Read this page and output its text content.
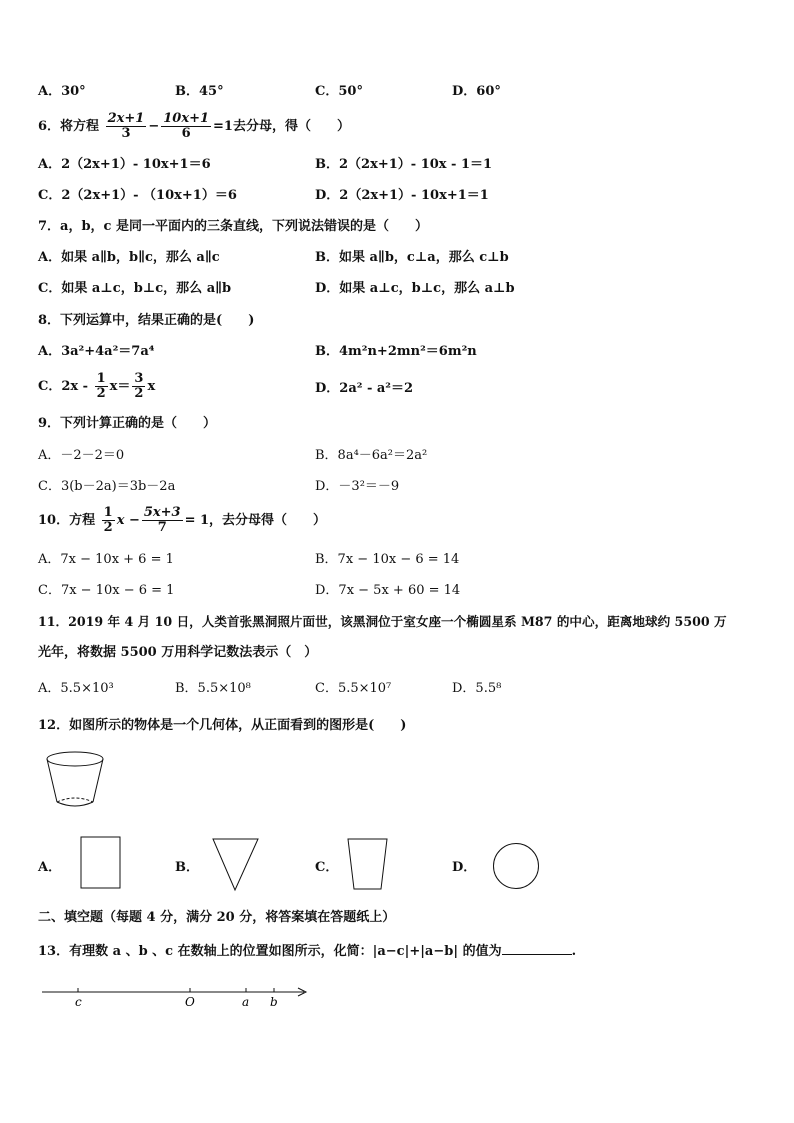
A．30°	B．45°	C．50°	D．60°
6．将方程 $\frac{2x+1}{3} - \frac{10x+1}{6} =1$去分母，得（　　）
A．2（2x+1）- 10x+1＝6	B．2（2x+1）- 10x - 1＝1
C．2（2x+1）- （10x+1）＝6	D．2（2x+1）- 10x+1＝1
7．a，b，c 是同一平面内的三条直线，下列说法错误的是（　　）
A．如果 a∥b，b∥c，那么 a∥c	B．如果 a∥b，c⊥a，那么 c⊥b
C．如果 a⊥c，b⊥c，那么 a∥b	D．如果 a⊥c，b⊥c，那么 a⊥b
8．下列运算中，结果正确的是(　　)
A．3a²+4a²＝7a⁴	B．4m²n+2mn²＝6m²n
C．$2x - \frac{1}{2} x= \frac{3}{2}$ x	D．2a² - a²＝2
9．下列计算正确的是（　　）
A．－2－2＝0	B．8a⁴－6a²＝2a²
C．3(b－2a)＝3b－2a	D．－3²＝－9
10．方程 $\frac{1}{2}$ $x - \frac{5x+3}{7} = 1$，去分母得（　　）
A．7x − 10x + 6 = 1	B．7x − 10x − 6 = 14
C．7x − 10x − 6 = 1	D．7x − 5x + 60 = 14
11．2019 年 4 月 10 日，人类首张黑洞照片面世，该黑洞位于室女座一个椭圆星系 M87 的中心，距离地球约 5500 万
光年，将数据 5500 万用科学记数法表示（　）
A．5.5×10³	B．5.5×10⁸	C．5.5×10⁷	D．5.5⁸
12．如图所示的物体是一个几何体，从正面看到的图形是(　　)
A．	B．	C．	D．
二、填空题（每题 4 分，满分 20 分，将答案填在答题纸上）
13．有理数 a 、b 、c 在数轴上的位置如图所示，化简：|a−c|+|a−b| 的值为	.
c	O	a b
